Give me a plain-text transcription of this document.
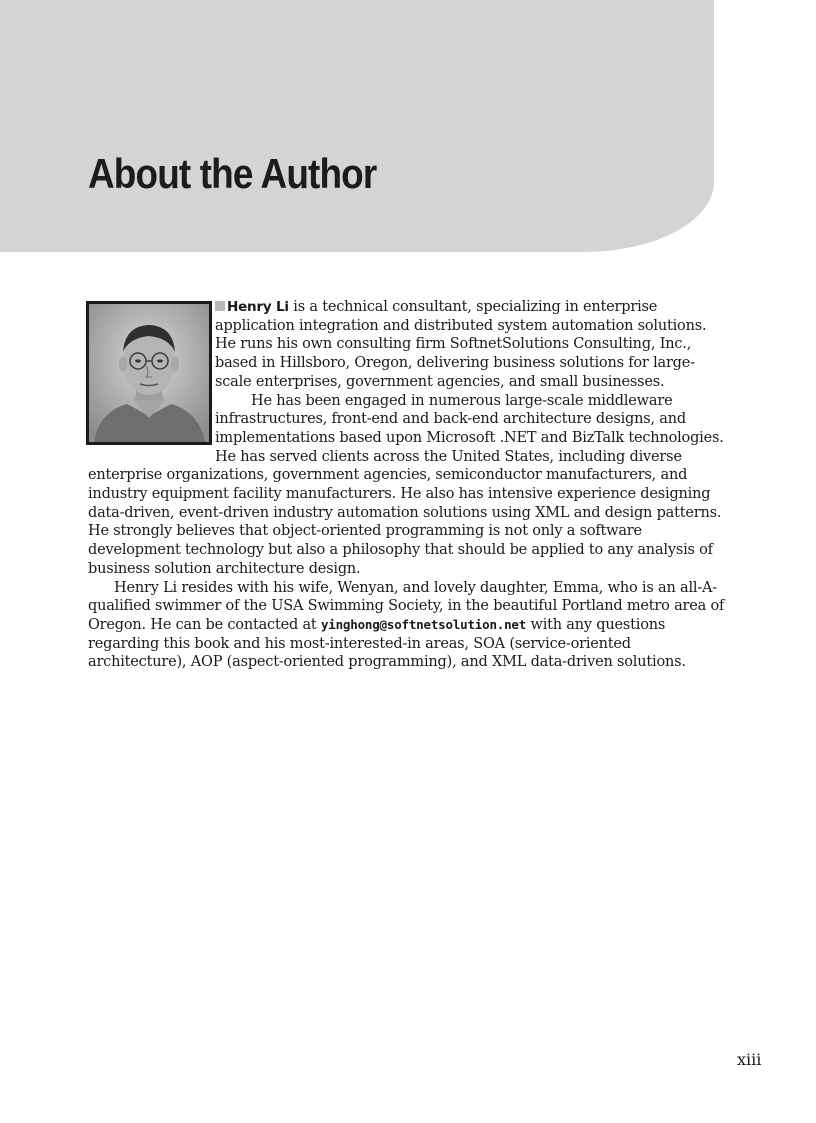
About the Author

Henry Li is a technical consultant, specializing in enterprise application integration and distributed system automation solutions. He runs his own consulting firm SoftnetSolutions Consulting, Inc., based in Hillsboro, Oregon, delivering business solutions for large-scale enterprises, government agencies, and small businesses.

He has been engaged in numerous large-scale middleware infrastructures, front-end and back-end architecture designs, and implementations based upon Microsoft .NET and BizTalk technologies. He has served clients across the United States, including diverse enterprise organizations, government agencies, semiconductor manufacturers, and industry equipment facility manufacturers. He also has intensive experience designing data-driven, event-driven industry automation solutions using XML and design patterns. He strongly believes that object-oriented programming is not only a software development technology but also a philosophy that should be applied to any analysis of business solution architecture design.

Henry Li resides with his wife, Wenyan, and lovely daughter, Emma, who is an all-A-qualified swimmer of the USA Swimming Society, in the beautiful Portland metro area of Oregon. He can be contacted at yinghong@softnetsolution.net with any questions regarding this book and his most-interested-in areas, SOA (service-oriented architecture), AOP (aspect-oriented programming), and XML data-driven solutions.

xiii
